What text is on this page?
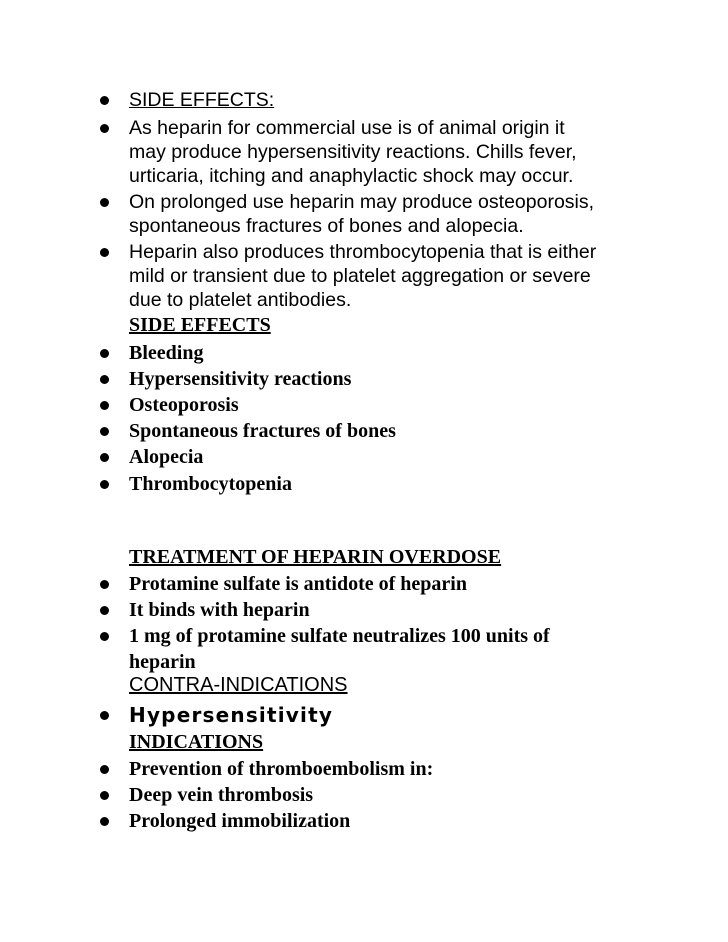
SIDE EFFECTS:
As heparin for commercial use is of animal origin it
may produce hypersensitivity reactions. Chills fever,
urticaria, itching and anaphylactic shock may occur.
On prolonged use heparin may produce osteoporosis,
spontaneous fractures of bones and alopecia.
Heparin also produces thrombocytopenia that is either
mild or transient due to platelet aggregation or severe
due to platelet antibodies.
SIDE EFFECTS
Bleeding
Hypersensitivity reactions
Osteoporosis
Spontaneous fractures of bones
Alopecia
Thrombocytopenia
TREATMENT OF HEPARIN OVERDOSE
Protamine sulfate is antidote of heparin
It binds with heparin
1 mg of protamine sulfate neutralizes 100 units of
heparin
CONTRA-INDICATIONS
Hypersensitivity
INDICATIONS
Prevention of thromboembolism in:
Deep vein thrombosis
Prolonged immobilization
